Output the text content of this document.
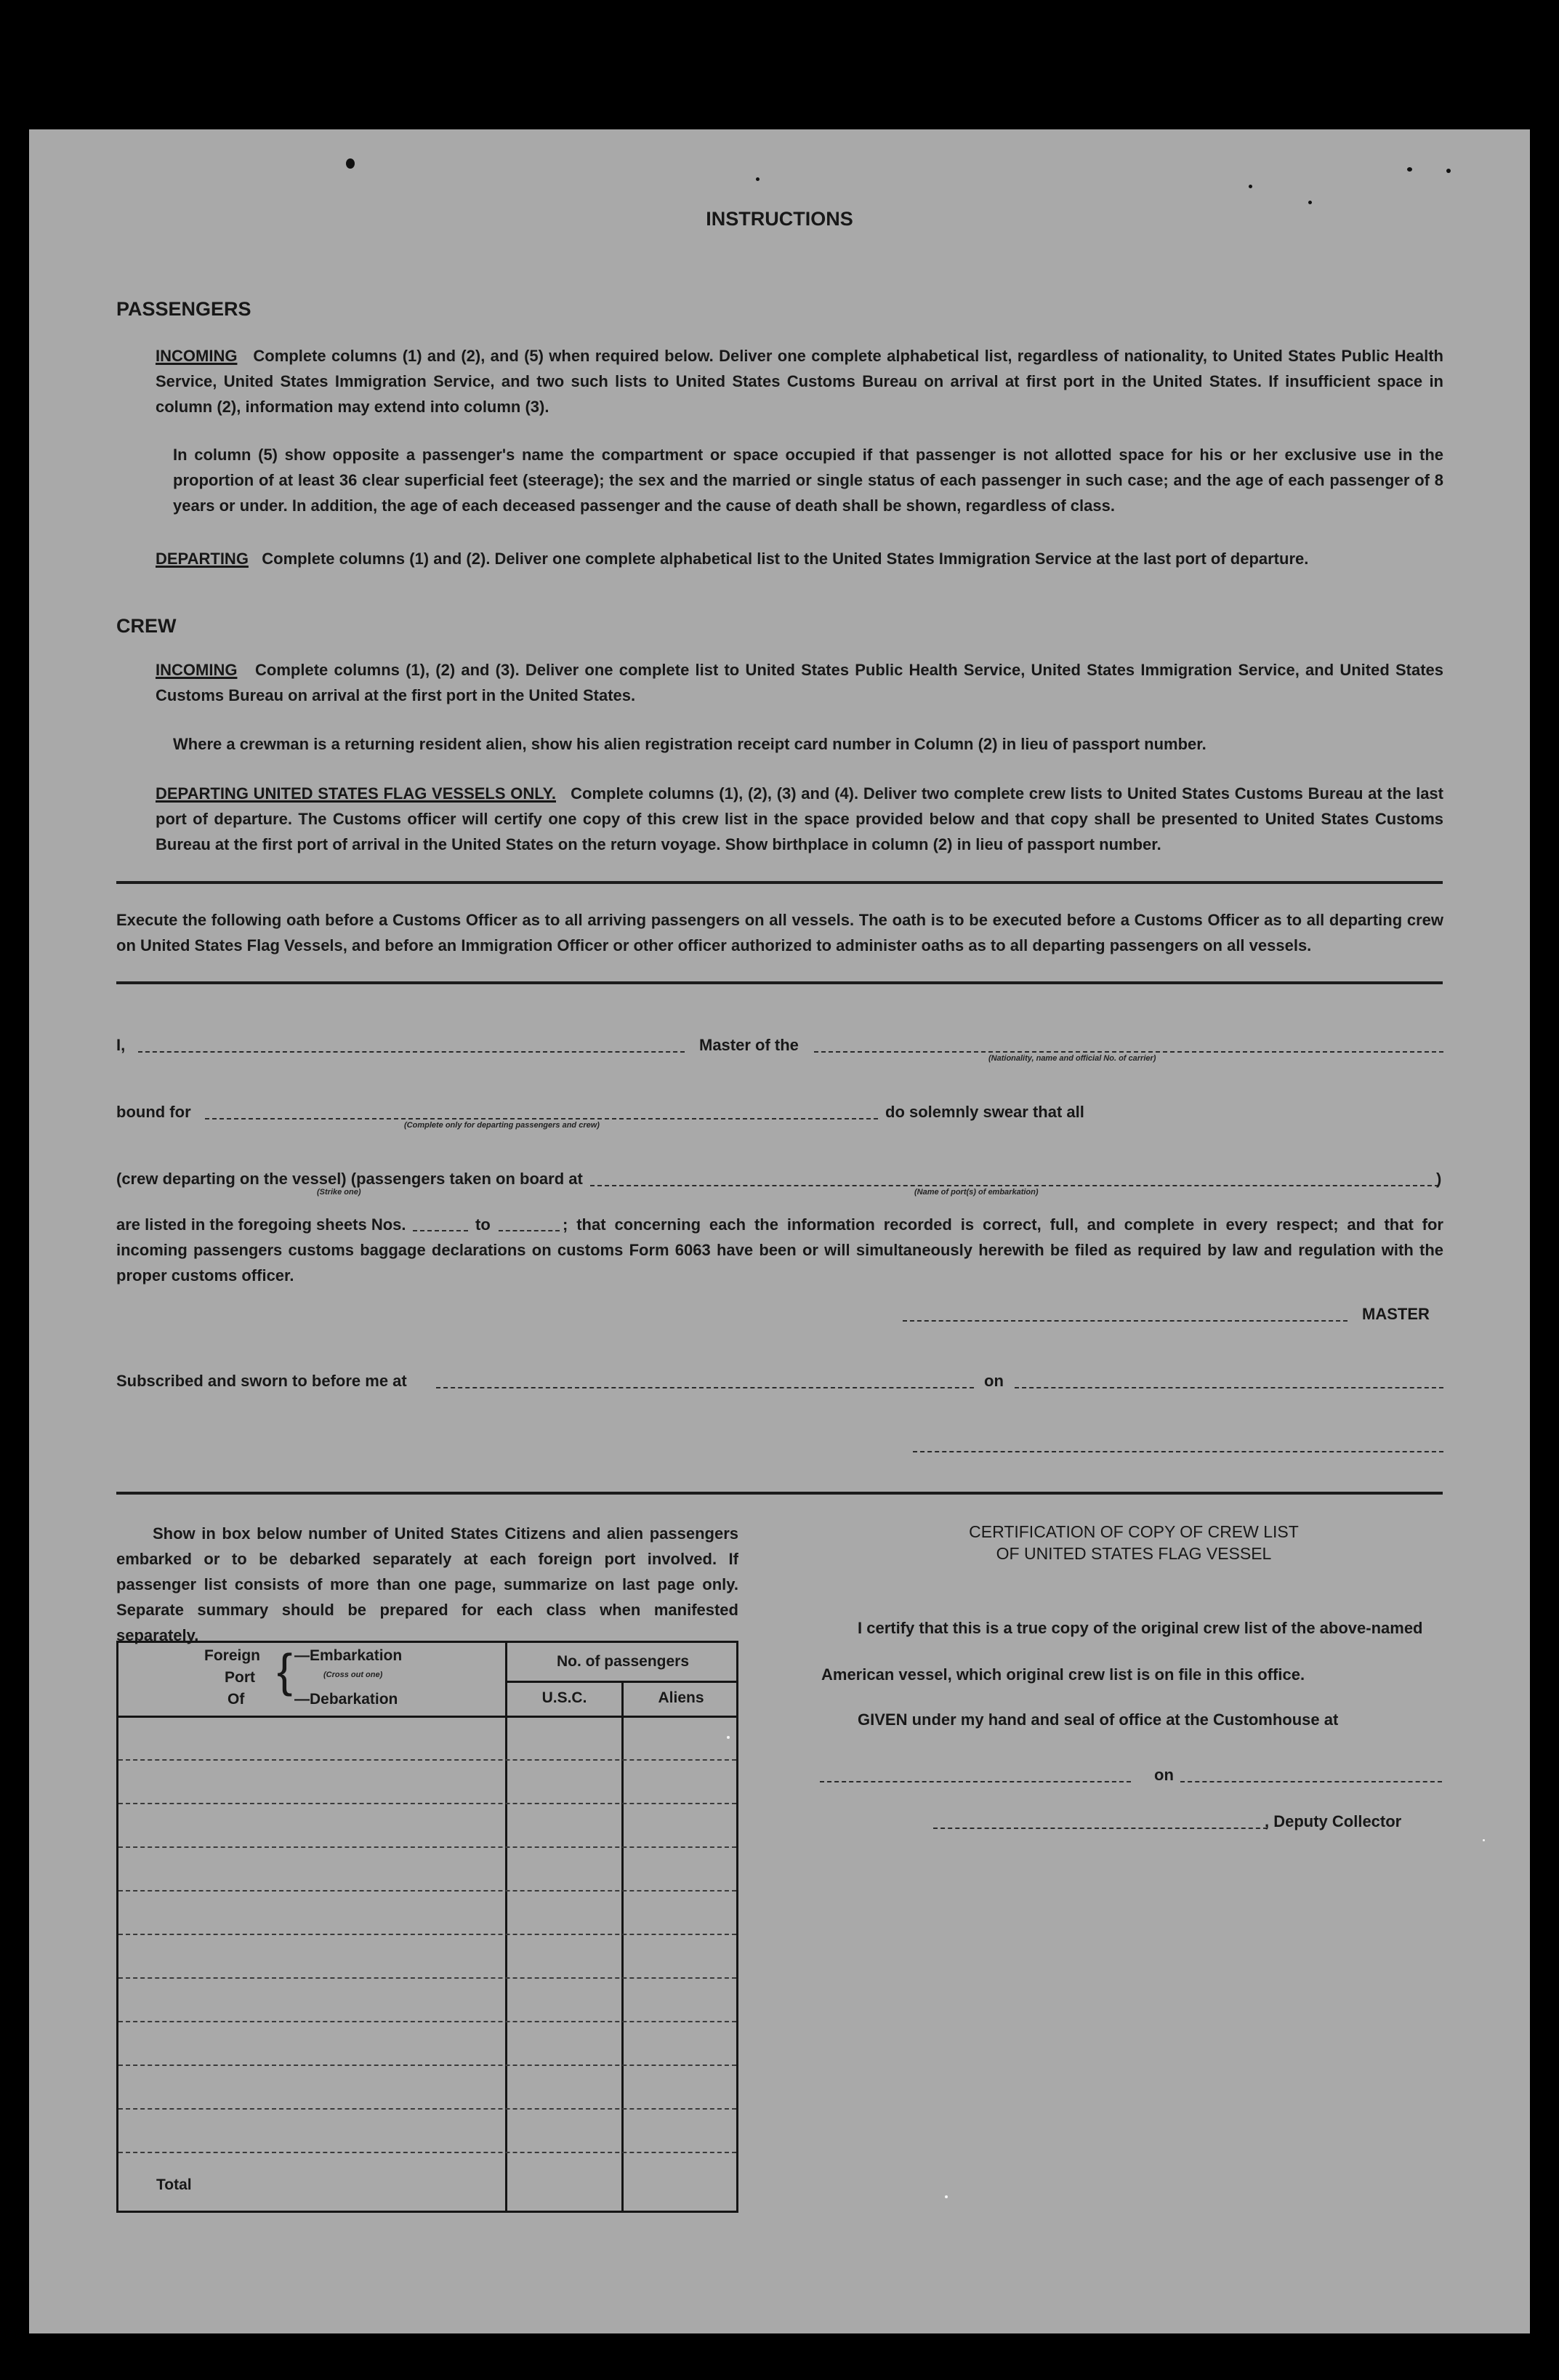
INSTRUCTIONS
PASSENGERS
INCOMING Complete columns (1) and (2), and (5) when required below. Deliver one complete alphabetical list, regardless of nationality, to United States Public Health Service, United States Immigration Service, and two such lists to United States Customs Bureau on arrival at first port in the United States. If insufficient space in column (2), information may extend into column (3).
In column (5) show opposite a passenger's name the compartment or space occupied if that passenger is not allotted space for his or her exclusive use in the proportion of at least 36 clear superficial feet (steerage); the sex and the married or single status of each passenger in such case; and the age of each passenger of 8 years or under. In addition, the age of each deceased passenger and the cause of death shall be shown, regardless of class.
DEPARTING Complete columns (1) and (2). Deliver one complete alphabetical list to the United States Immigration Service at the last port of departure.
CREW
INCOMING Complete columns (1), (2) and (3). Deliver one complete list to United States Public Health Service, United States Immigration Service, and United States Customs Bureau on arrival at the first port in the United States.
Where a crewman is a returning resident alien, show his alien registration receipt card number in Column (2) in lieu of passport number.
DEPARTING UNITED STATES FLAG VESSELS ONLY. Complete columns (1), (2), (3) and (4). Deliver two complete crew lists to United States Customs Bureau at the last port of departure. The Customs officer will certify one copy of this crew list in the space provided below and that copy shall be presented to United States Customs Bureau at the first port of arrival in the United States on the return voyage. Show birthplace in column (2) in lieu of passport number.
Execute the following oath before a Customs Officer as to all arriving passengers on all vessels. The oath is to be executed before a Customs Officer as to all departing crew on United States Flag Vessels, and before an Immigration Officer or other officer authorized to administer oaths as to all departing passengers on all vessels.
I,	Master of the
(Nationality, name and official No. of carrier)
bound for
(Complete only for departing passengers and crew)
do solemnly swear that all
(crew departing on the vessel) (passengers taken on board at	)
(Strike one)	(Name of port(s) of embarkation)
are listed in the foregoing sheets Nos.	to	; that concerning each the information recorded is correct, full, and complete in every respect; and that for incoming passengers customs baggage declarations on customs Form 6063 have been or will simultaneously herewith be filed as required by law and regulation with the proper customs officer.
MASTER
Subscribed and sworn to before me at	on
Show in box below number of United States Citizens and alien passengers embarked or to be debarked separately at each foreign port involved. If passenger list consists of more than one page, summarize on last page only. Separate summary should be prepared for each class when manifested separately.
Foreign
Port
Of
{ —Embarkation
(Cross out one)
—Debarkation
No. of passengers
U.S.C.	Aliens
Total
CERTIFICATION OF COPY OF CREW LIST
OF UNITED STATES FLAG VESSEL
I certify that this is a true copy of the original crew list of the above-named
American vessel, which original crew list is on file in this office.
GIVEN under my hand and seal of office at the Customhouse at
on
, Deputy Collector
